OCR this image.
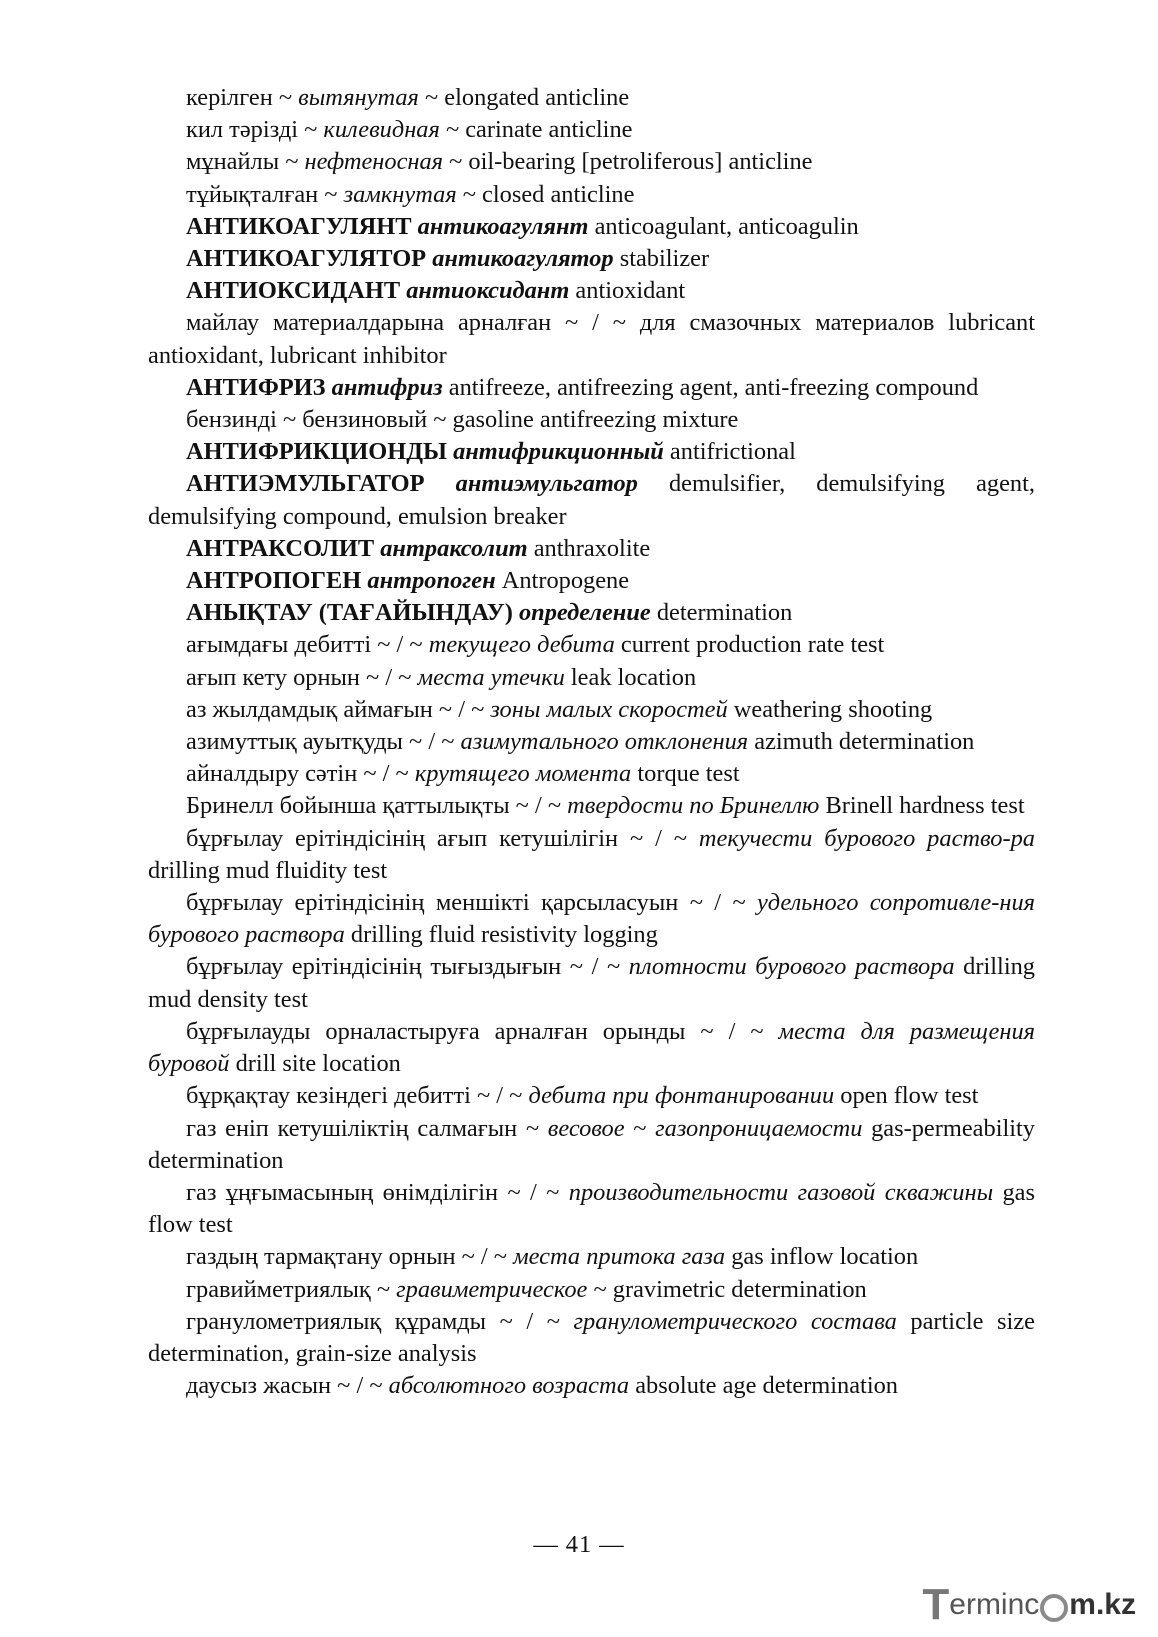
керілген ~ вытянутая ~ elongated anticline

кил тәрізді ~ килевидная ~ carinate anticline

мұнайлы ~ нефтеносная ~ oil-bearing [petroliferous] anticline

тұйықталған ~ замкнутая ~ closed anticline

АНТИКОАГУЛЯНТ антикоагулянт anticoagulant, anticoagulin

АНТИКОАГУЛЯТОР антикоагулятор stabilizer

АНТИОКСИДАНТ антиоксидант antioxidant

майлау материалдарына арналған ~ / ~ для смазочных материалов lubricant antioxidant, lubricant inhibitor

АНТИФРИЗ антифриз antifreeze, antifreezing agent, anti-freezing compound

бензинді ~ бензиновый ~ gasoline antifreezing mixture

АНТИФРИКЦИОНДЫ антифрикционный antifrictional

АНТИЭМУЛЬГАТОР антиэмульгатор demulsifier, demulsifying agent, demulsifying compound, emulsion breaker

АНТРАКСОЛИТ антраксолит anthraxolite

АНТРОПОГЕН антропоген Antropogene

АНЫҚТАУ (ТАҒАЙЫНДАУ) определение determination

ағымдағы дебитті ~ / ~ текущего дебита current production rate test

ағып кету орнын ~ / ~ места утечки leak location

аз жылдамдық аймағын ~ / ~ зоны малых скоростей weathering shooting

азимуттық ауытқуды ~ / ~ азимутального отклонения azimuth determination

айналдыру сәтін ~ / ~ крутящего момента torque test

Бринелл бойынша қаттылықты ~ / ~ твердости по Бринеллю Brinell hardness test

бұрғылау ерітіндісінің ағып кетушілігін ~ / ~ текучести бурового раство-ра drilling mud fluidity test

бұрғылау ерітіндісінің меншікті қарсыласуын ~ / ~ удельного сопротивле-ния бурового раствора drilling fluid resistivity logging

бұрғылау ерітіндісінің тығыздығын ~ / ~ плотности бурового раствора drilling mud density test

бұрғылауды орналастыруға арналған орынды ~ / ~ места для размещения буровой drill site location

бұрқақтау кезіндегі дебитті ~ / ~ дебита при фонтанировании open flow test

газ еніп кетушіліктің салмағын ~ весовое ~ газопроницаемости gas-permeability determination

газ ұңғымасының өнімділігін ~ / ~ производительности газовой скважины gas flow test

газдың тармақтану орнын ~ / ~ места притока газа gas inflow location

гравийметриялық ~ гравиметрическое ~ gravimetric determination

гранулометриялық құрамды ~ / ~ гранулометрического состава particle size determination, grain-size analysis

даусыз жасын ~ / ~ абсолютного возраста absolute age determination

— 41 —
T ermi nc m.kz
